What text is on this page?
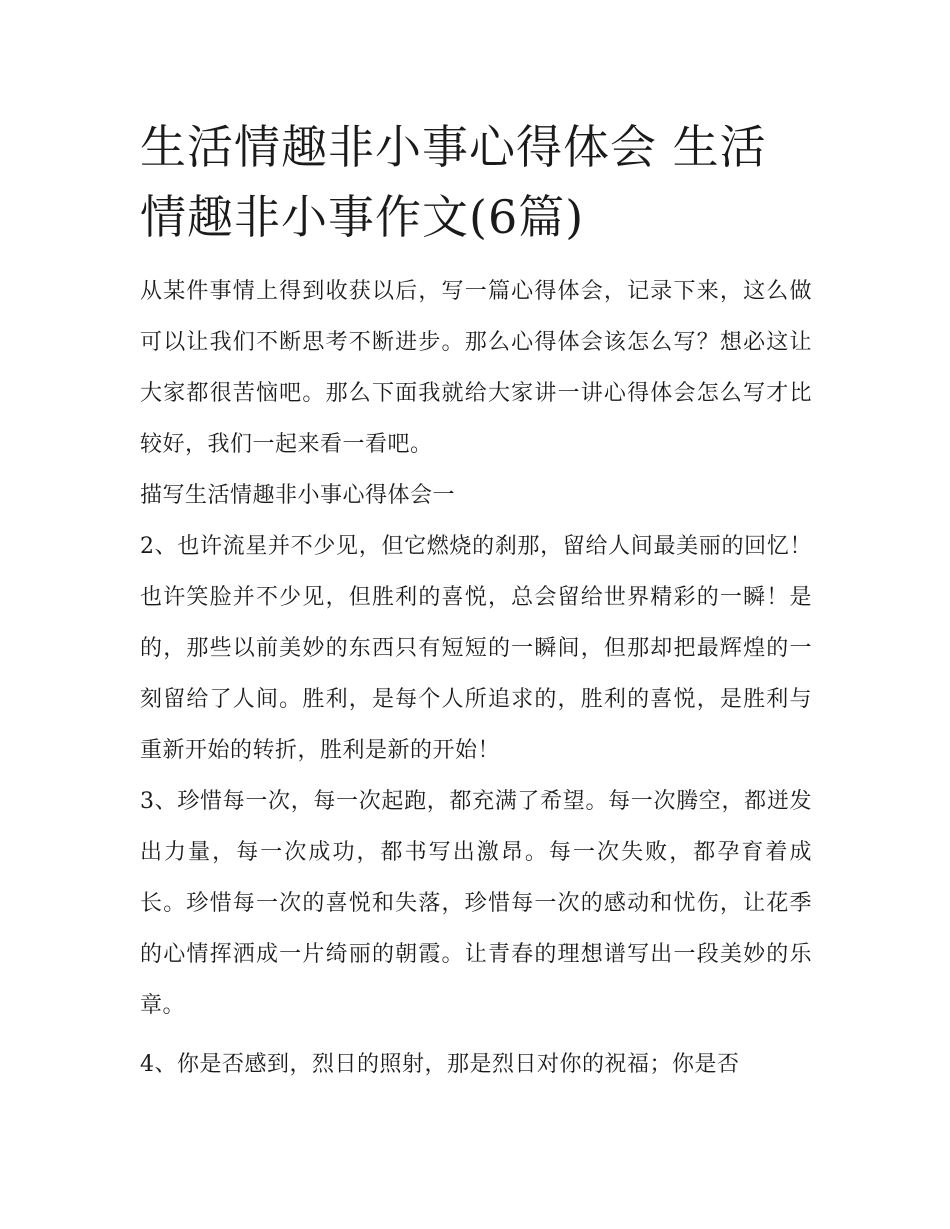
生活情趣非小事心得体会 生活情趣非小事作文(6篇)

从某件事情上得到收获以后，写一篇心得体会，记录下来，这么做可以让我们不断思考不断进步。那么心得体会该怎么写？想必这让大家都很苦恼吧。那么下面我就给大家讲一讲心得体会怎么写才比较好，我们一起来看一看吧。

描写生活情趣非小事心得体会一

2、也许流星并不少见，但它燃烧的刹那，留给人间最美丽的回忆！也许笑脸并不少见，但胜利的喜悦，总会留给世界精彩的一瞬！是的，那些以前美妙的东西只有短短的一瞬间，但那却把最辉煌的一刻留给了人间。胜利，是每个人所追求的，胜利的喜悦，是胜利与重新开始的转折，胜利是新的开始！

3、珍惜每一次，每一次起跑，都充满了希望。每一次腾空，都迸发出力量，每一次成功，都书写出激昂。每一次失败，都孕育着成长。珍惜每一次的喜悦和失落，珍惜每一次的感动和忧伤，让花季的心情挥洒成一片绮丽的朝霞。让青春的理想谱写出一段美妙的乐章。

4、你是否感到，烈日的照射，那是烈日对你的祝福；你是否
